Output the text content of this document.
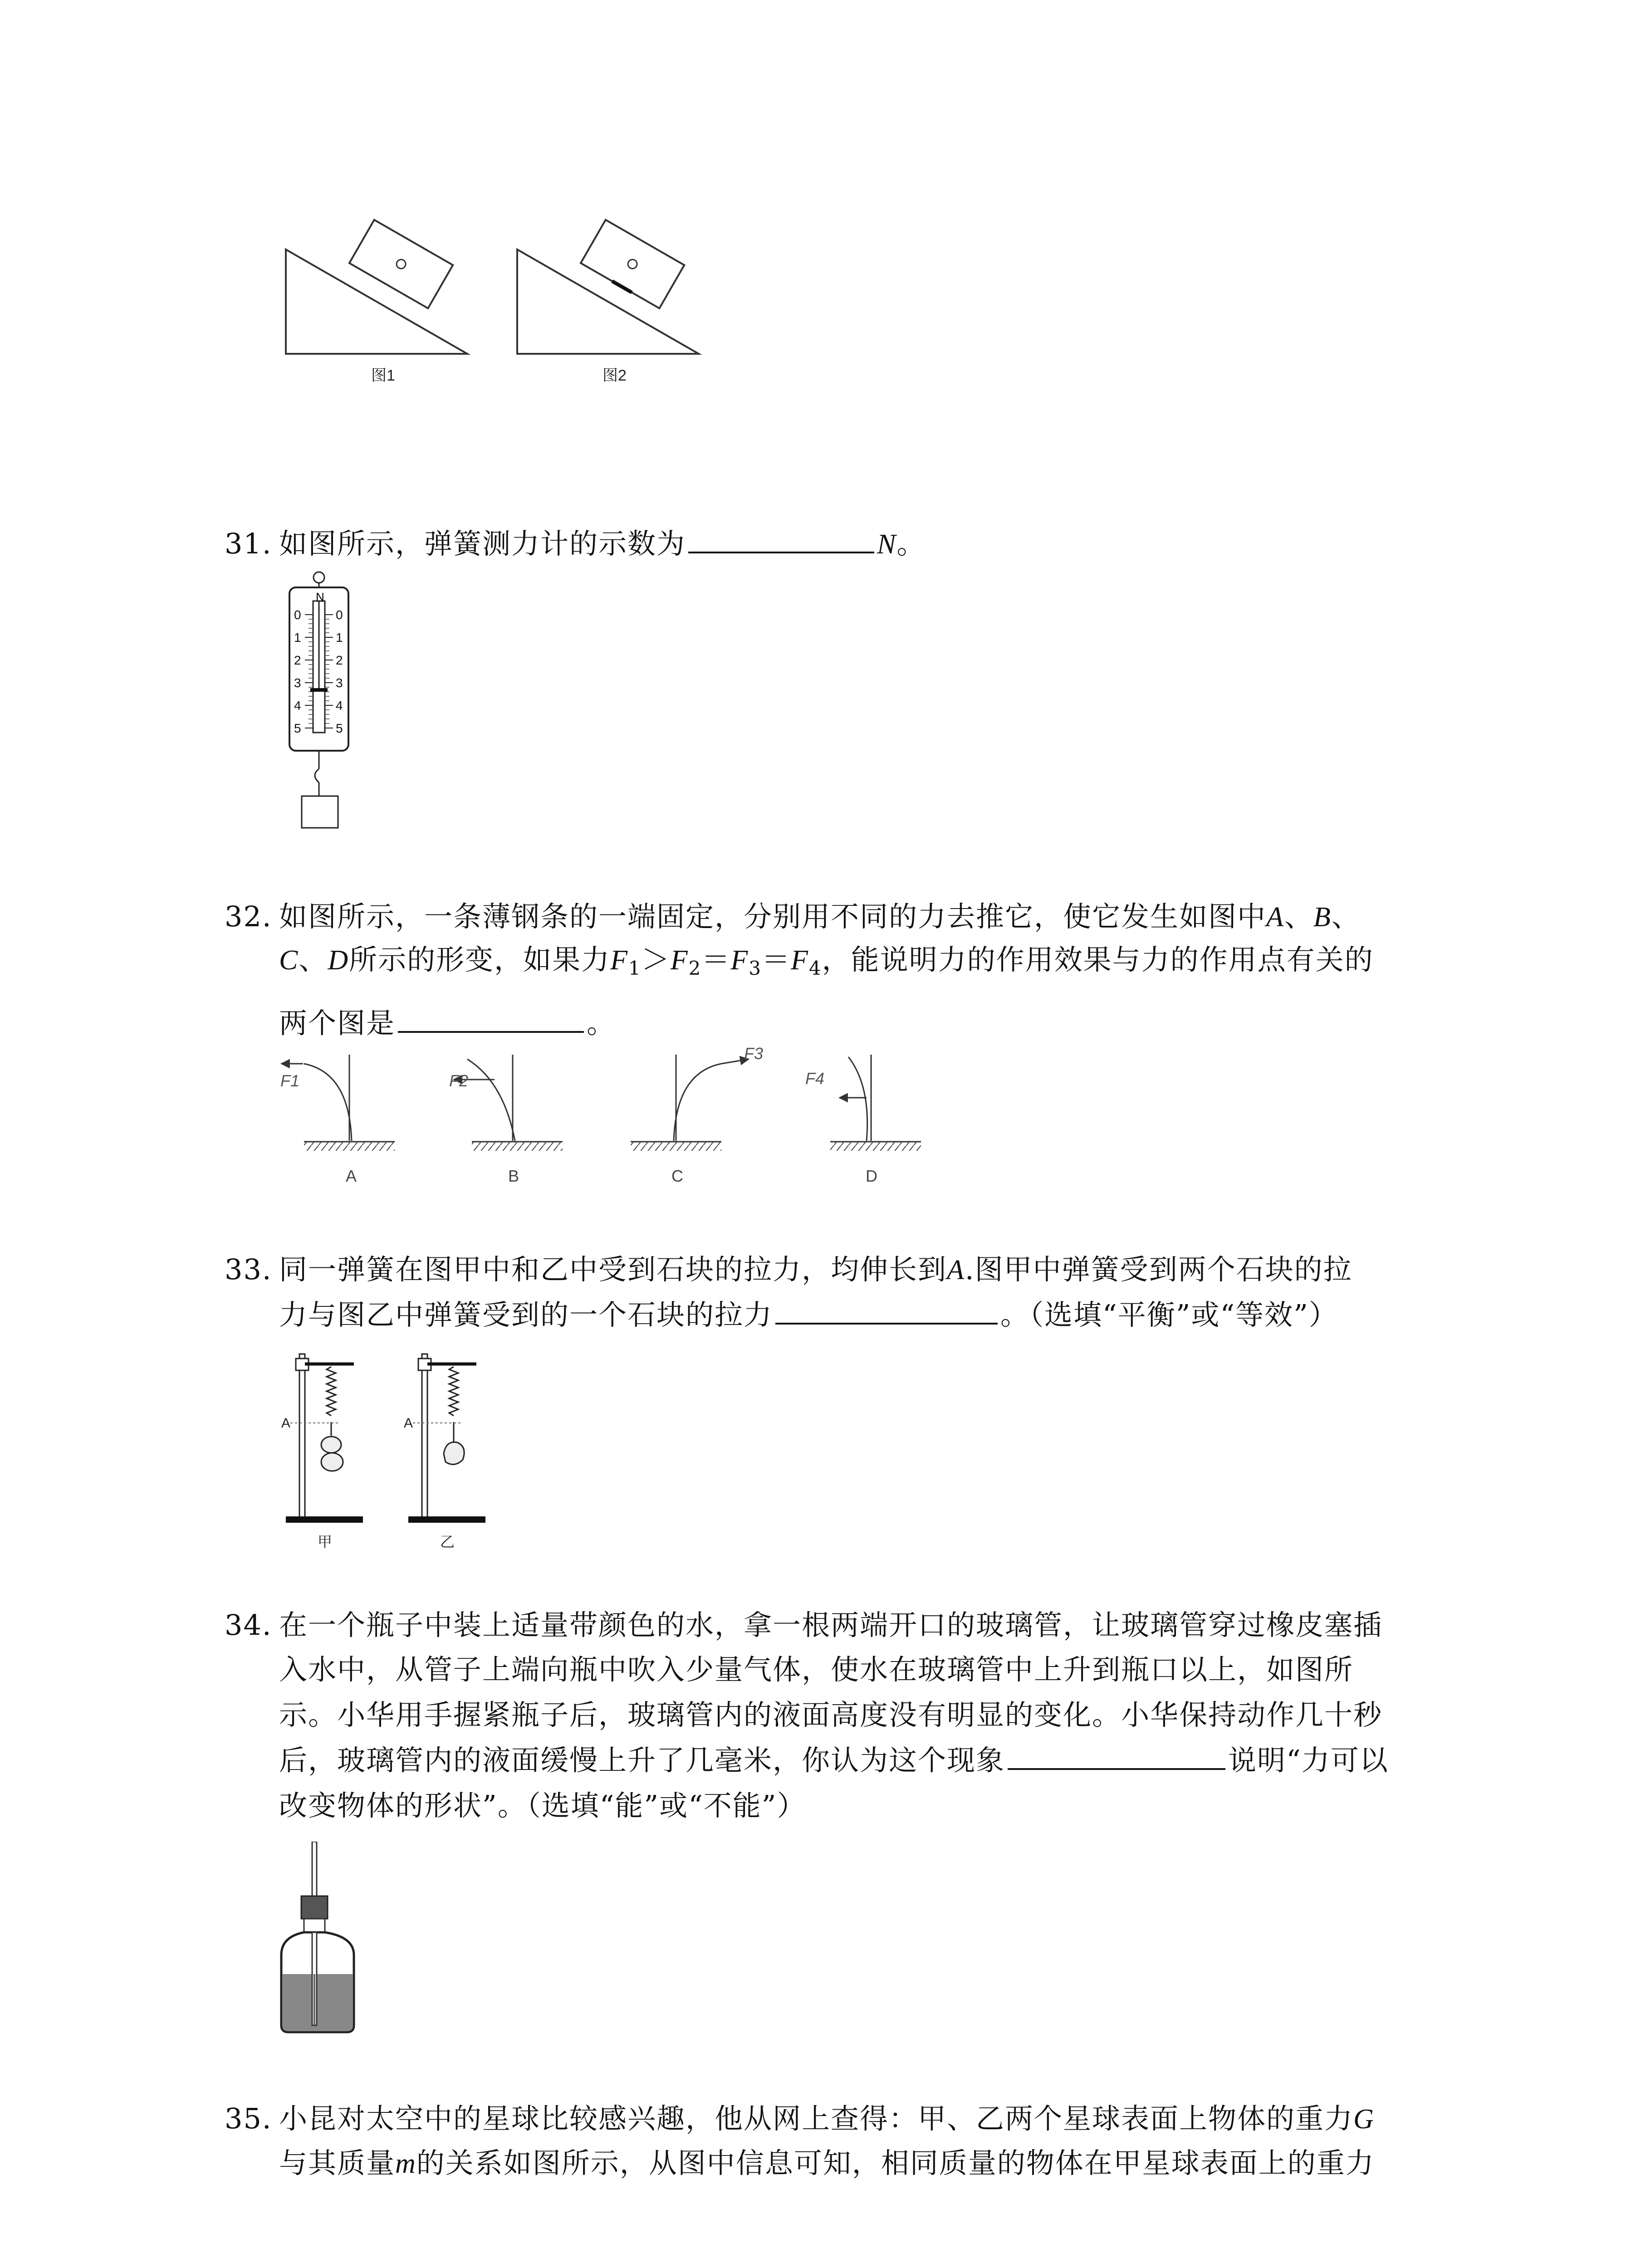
图1	图2
31. 如图所示，弹簧测力计的示数为	N。
N
0
1
2
3
4
5
0
1
2
3
4
5
32. 如图所示，一条薄钢条的一端固定，分别用不同的力去推它，使它发生如图中A、B、
C、D所示的形变，如果力$F_1>F_2=F_3=F_4$，能说明力的作用效果与力的作用点有关的
两个图是	。
F1
A
F2
B
F3
C
F4
D
33. 同一弹簧在图甲中和乙中受到石块的拉力，均伸长到A.图甲中弹簧受到两个石块的拉
力与图乙中弹簧受到的一个石块的拉力	。（选填“平衡”或“等效”）
A
甲
A
乙
34. 在一个瓶子中装上适量带颜色的水，拿一根两端开口的玻璃管，让玻璃管穿过橡皮塞插
入水中，从管子上端向瓶中吹入少量气体，使水在玻璃管中上升到瓶口以上，如图所
示。小华用手握紧瓶子后，玻璃管内的液面高度没有明显的变化。小华保持动作几十秒
后，玻璃管内的液面缓慢上升了几毫米，你认为这个现象	说明“力可以
改变物体的形状”。（选填“能”或“不能”）
35. 小昆对太空中的星球比较感兴趣，他从网上查得：甲、乙两个星球表面上物体的重力G
与其质量m的关系如图所示，从图中信息可知，相同质量的物体在甲星球表面上的重力
